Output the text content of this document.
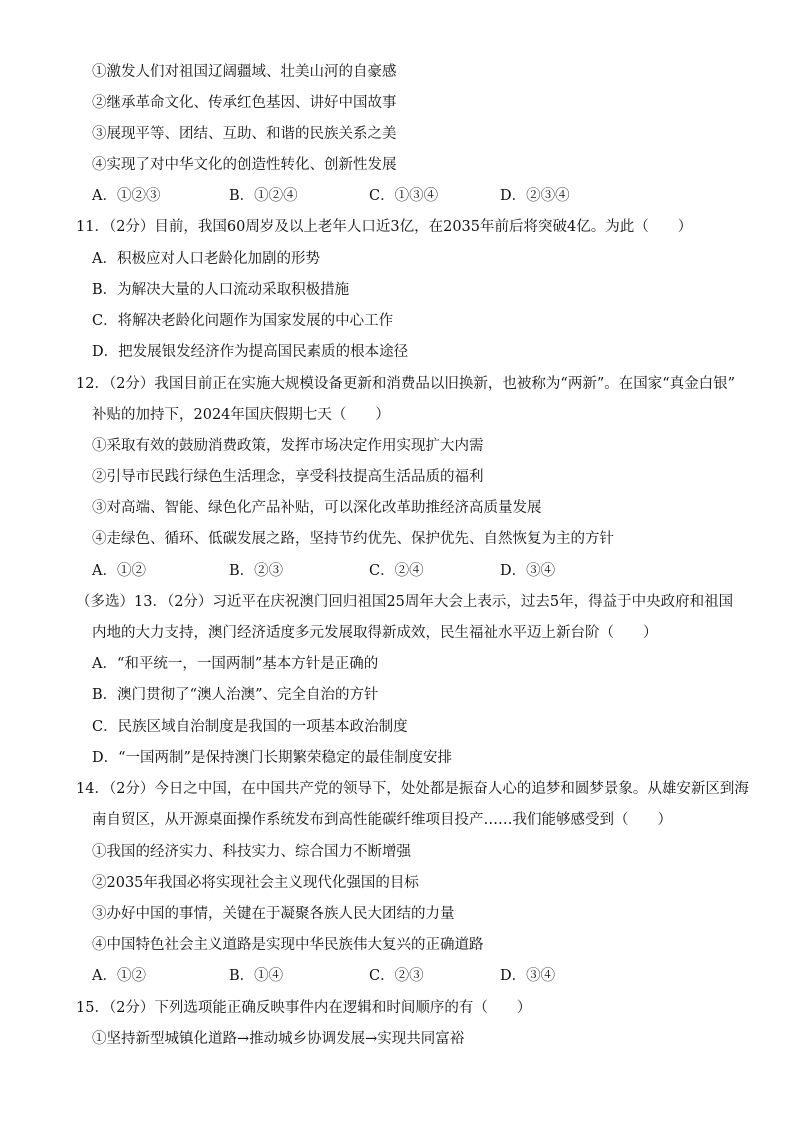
①激发人们对祖国辽阔疆域、壮美山河的自豪感
②继承革命文化、传承红色基因、讲好中国故事
③展现平等、团结、互助、和谐的民族关系之美
④实现了对中华文化的创造性转化、创新性发展
A．①②③	B．①②④	C．①③④	D．②③④
11．（2分）目前，我国60周岁及以上老年人口近3亿，在2035年前后将突破4亿。为此（　　）
A．积极应对人口老龄化加剧的形势
B．为解决大量的人口流动采取积极措施
C．将解决老龄化问题作为国家发展的中心工作
D．把发展银发经济作为提高国民素质的根本途径
12．（2分）我国目前正在实施大规模设备更新和消费品以旧换新，也被称为“两新”。在国家“真金白银”
补贴的加持下，2024年国庆假期七天（　　）
①采取有效的鼓励消费政策，发挥市场决定作用实现扩大内需
②引导市民践行绿色生活理念，享受科技提高生活品质的福利
③对高端、智能、绿色化产品补贴，可以深化改革助推经济高质量发展
④走绿色、循环、低碳发展之路，坚持节约优先、保护优先、自然恢复为主的方针
A．①②	B．②③	C．②④	D．③④
（多选）13．（2分）习近平在庆祝澳门回归祖国25周年大会上表示，过去5年，得益于中央政府和祖国
内地的大力支持，澳门经济适度多元发展取得新成效，民生福祉水平迈上新台阶（　　）
A．“和平统一，一国两制”基本方针是正确的
B．澳门贯彻了“澳人治澳”、完全自治的方针
C．民族区域自治制度是我国的一项基本政治制度
D．“一国两制”是保持澳门长期繁荣稳定的最佳制度安排
14．（2分）今日之中国，在中国共产党的领导下，处处都是振奋人心的追梦和圆梦景象。从雄安新区到海
南自贸区，从开源桌面操作系统发布到高性能碳纤维项目投产……我们能够感受到（　　）
①我国的经济实力、科技实力、综合国力不断增强
②2035年我国必将实现社会主义现代化强国的目标
③办好中国的事情，关键在于凝聚各族人民大团结的力量
④中国特色社会主义道路是实现中华民族伟大复兴的正确道路
A．①②	B．①④	C．②③	D．③④
15．（2分）下列选项能正确反映事件内在逻辑和时间顺序的有（　　）
①坚持新型城镇化道路→推动城乡协调发展→实现共同富裕
